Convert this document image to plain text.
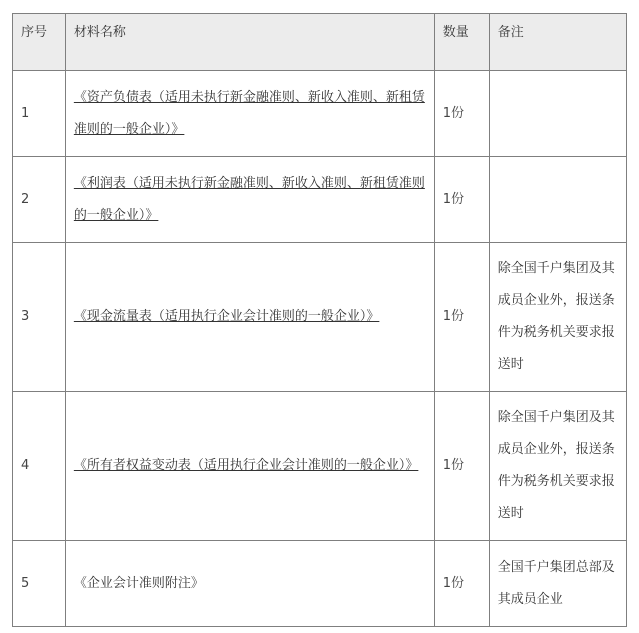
序号	材料名称	数量	备注
1	《资产负债表（适用未执行新金融准则、新收入准则、新租赁准则的一般企业）》	1份	
2	《利润表（适用未执行新金融准则、新收入准则、新租赁准则的一般企业）》	1份	
3	《现金流量表（适用执行企业会计准则的一般企业）》	1份	除全国千户集团及其成员企业外，报送条件为税务机关要求报送时
4	《所有者权益变动表（适用执行企业会计准则的一般企业）》	1份	除全国千户集团及其成员企业外，报送条件为税务机关要求报送时
5	《企业会计准则附注》	1份	全国千户集团总部及其成员企业
